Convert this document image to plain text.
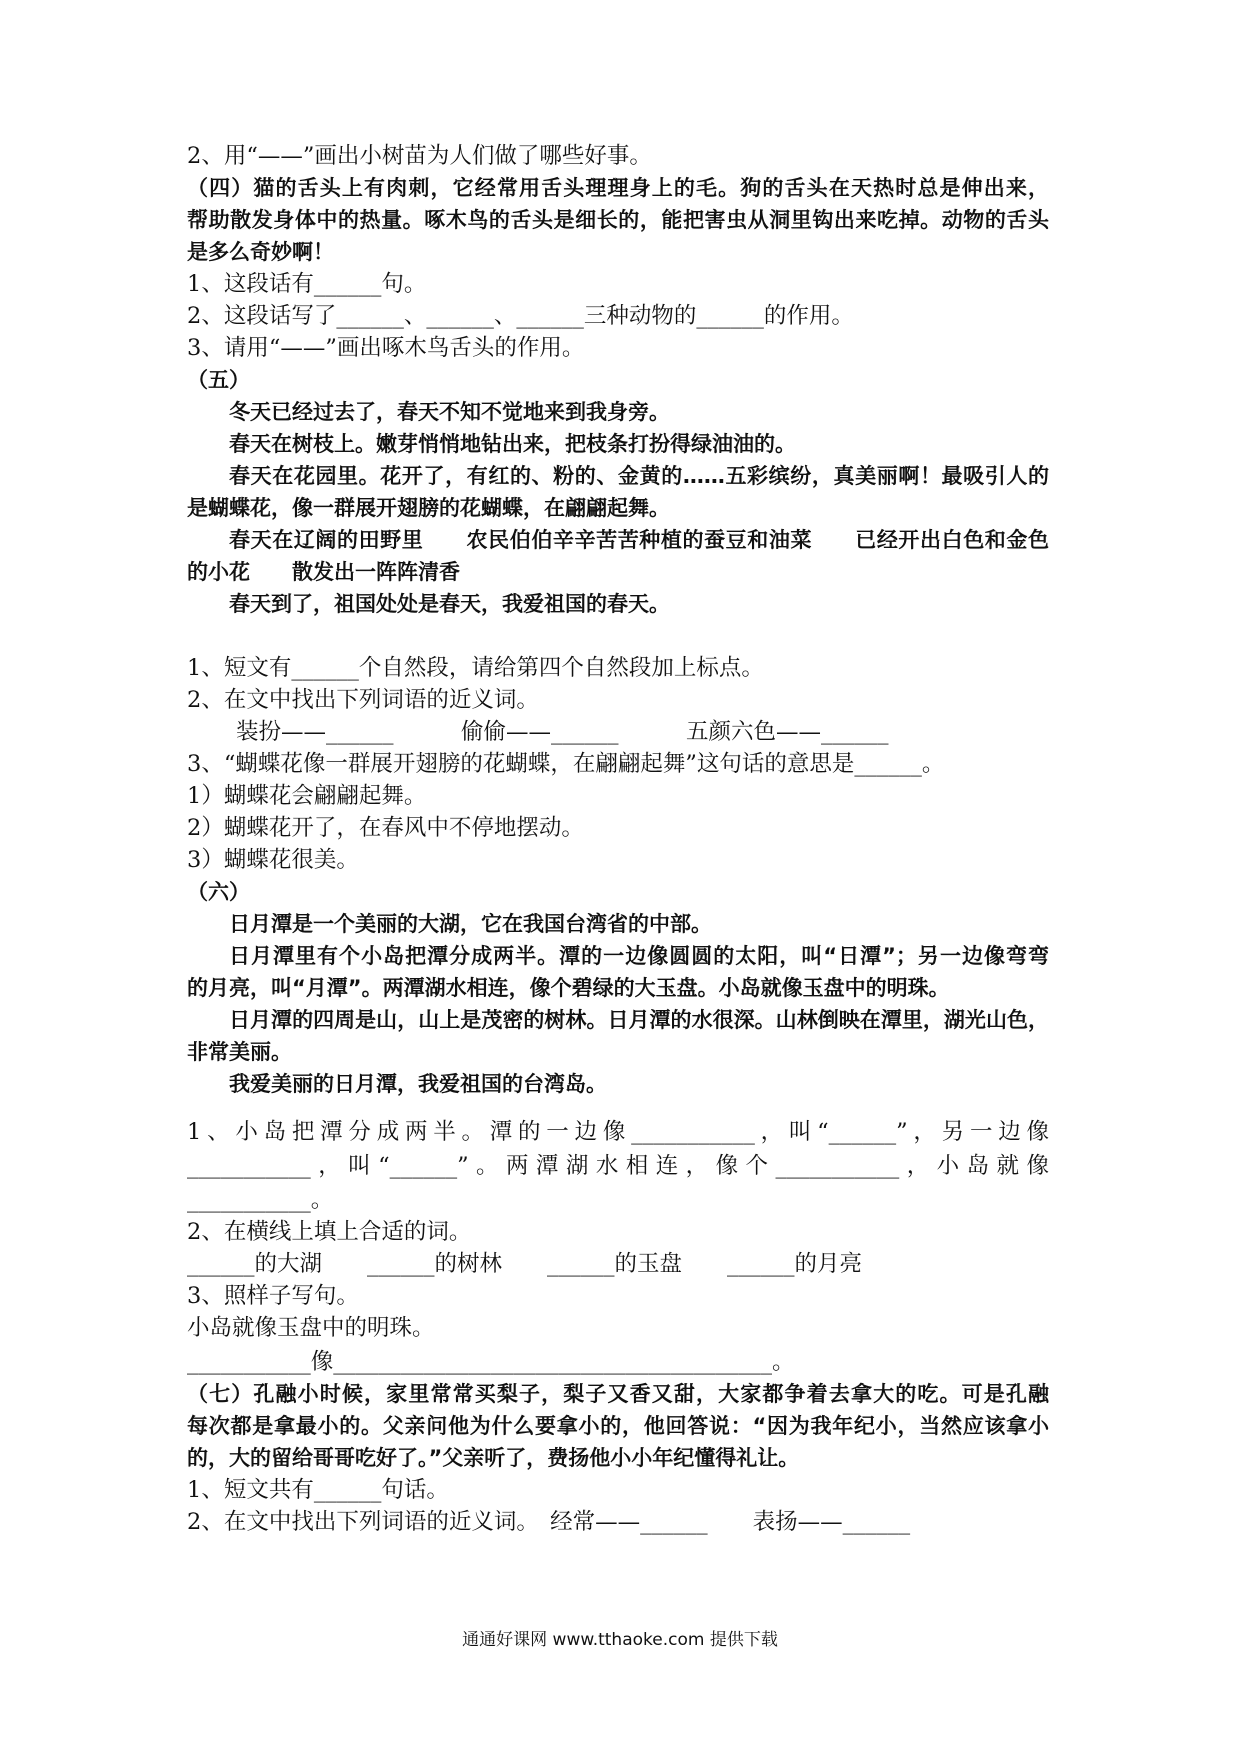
2、用“——”画出小树苗为人们做了哪些好事。
（四）猫的舌头上有肉刺，它经常用舌头理理身上的毛。狗的舌头在天热时总是伸出来，
帮助散发身体中的热量。啄木鸟的舌头是细长的，能把害虫从洞里钩出来吃掉。动物的舌头
是多么奇妙啊！
1、这段话有______句。
2、这段话写了______、______、______三种动物的______的作用。
3、请用“——”画出啄木鸟舌头的作用。
（五）
冬天已经过去了，春天不知不觉地来到我身旁。
春天在树枝上。嫩芽悄悄地钻出来，把枝条打扮得绿油油的。
春天在花园里。花开了，有红的、粉的、金黄的……五彩缤纷，真美丽啊！最吸引人的
是蝴蝶花，像一群展开翅膀的花蝴蝶，在翩翩起舞。
春天在辽阔的田野里　　农民伯伯辛辛苦苦种植的蚕豆和油菜　　已经开出白色和金色
的小花　　散发出一阵阵清香
春天到了，祖国处处是春天，我爱祖国的春天。
1、短文有______个自然段，请给第四个自然段加上标点。
2、在文中找出下列词语的近义词。
装扮——______　　　偷偷——______　　　五颜六色——______
3、“蝴蝶花像一群展开翅膀的花蝴蝶，在翩翩起舞”这句话的意思是______。
1）蝴蝶花会翩翩起舞。
2）蝴蝶花开了，在春风中不停地摆动。
3）蝴蝶花很美。
（六）
日月潭是一个美丽的大湖，它在我国台湾省的中部。
日月潭里有个小岛把潭分成两半。潭的一边像圆圆的太阳，叫“日潭”；另一边像弯弯
的月亮，叫“月潭”。两潭湖水相连，像个碧绿的大玉盘。小岛就像玉盘中的明珠。
日月潭的四周是山，山上是茂密的树林。日月潭的水很深。山林倒映在潭里，湖光山色，
非常美丽。
我爱美丽的日月潭，我爱祖国的台湾岛。
1、小岛把潭分成两半。潭的一边像___________，叫“______”，另一边像
___________，叫“______”。两潭湖水相连，像个___________，小岛就像
___________。
2、在横线上填上合适的词。
______的大湖　　______的树林　　______的玉盘　　______的月亮
3、照样子写句。
小岛就像玉盘中的明珠。
___________像_______________________________________。
（七）孔融小时候，家里常常买梨子，梨子又香又甜，大家都争着去拿大的吃。可是孔融
每次都是拿最小的。父亲问他为什么要拿小的，他回答说：“因为我年纪小，当然应该拿小
的，大的留给哥哥吃好了。”父亲听了，费扬他小小年纪懂得礼让。
1、短文共有______句话。
2、在文中找出下列词语的近义词。　经常——______　　表扬——______
通通好课网 www.tthaoke.com 提供下载
